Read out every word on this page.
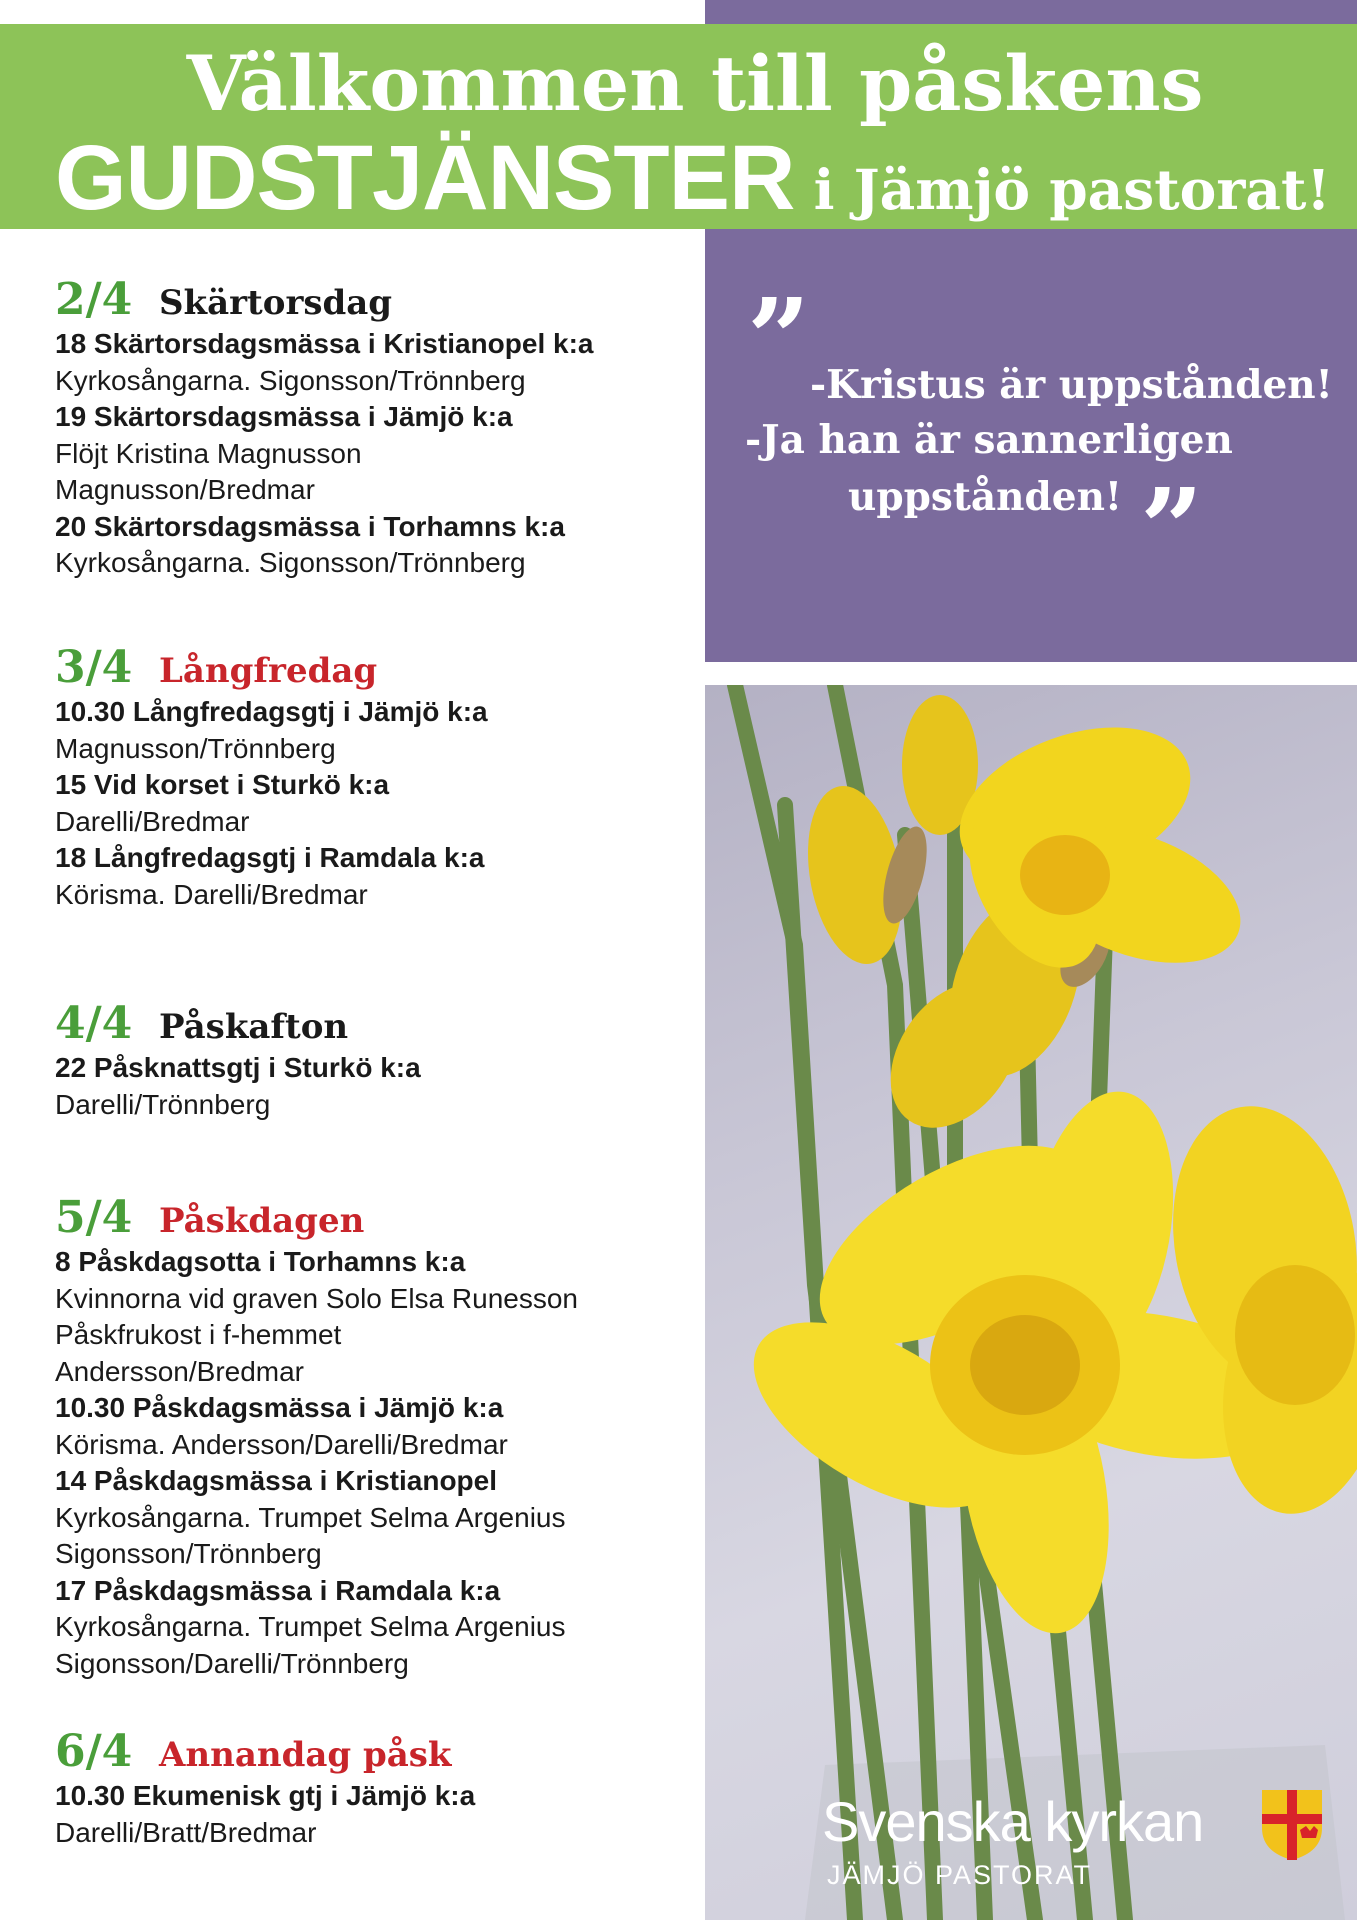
Välkommen till påskens
GUDSTJÄNSTER i Jämjö pastorat!
” -Kristus är uppstånden!
-Ja han är sannerligen
uppstånden! ”
2/4 Skärtorsdag
18 Skärtorsdagsmässa i Kristianopel k:a
Kyrkosångarna. Sigonsson/Trönnberg
19 Skärtorsdagsmässa i Jämjö k:a
Flöjt Kristina Magnusson
Magnusson/Bredmar
20 Skärtorsdagsmässa i Torhamns k:a
Kyrkosångarna. Sigonsson/Trönnberg
3/4 Långfredag
10.30 Långfredagsgtj i Jämjö k:a
Magnusson/Trönnberg
15 Vid korset i Sturkö k:a
Darelli/Bredmar
18 Långfredagsgtj i Ramdala k:a
Körisma. Darelli/Bredmar
4/4 Påskafton
22 Påsknattsgtj i Sturkö k:a
Darelli/Trönnberg
5/4 Påskdagen
8 Påskdagsotta i Torhamns k:a
Kvinnorna vid graven Solo Elsa Runesson
Påskfrukost i f-hemmet
Andersson/Bredmar
10.30 Påskdagsmässa i Jämjö k:a
Körisma. Andersson/Darelli/Bredmar
14 Påskdagsmässa i Kristianopel
Kyrkosångarna. Trumpet Selma Argenius
Sigonsson/Trönnberg
17 Påskdagsmässa i Ramdala k:a
Kyrkosångarna. Trumpet Selma Argenius
Sigonsson/Darelli/Trönnberg
6/4 Annandag påsk
10.30 Ekumenisk gtj i Jämjö k:a
Darelli/Bratt/Bredmar	Svenska kyrkan
JÄMJÖ PASTORAT
